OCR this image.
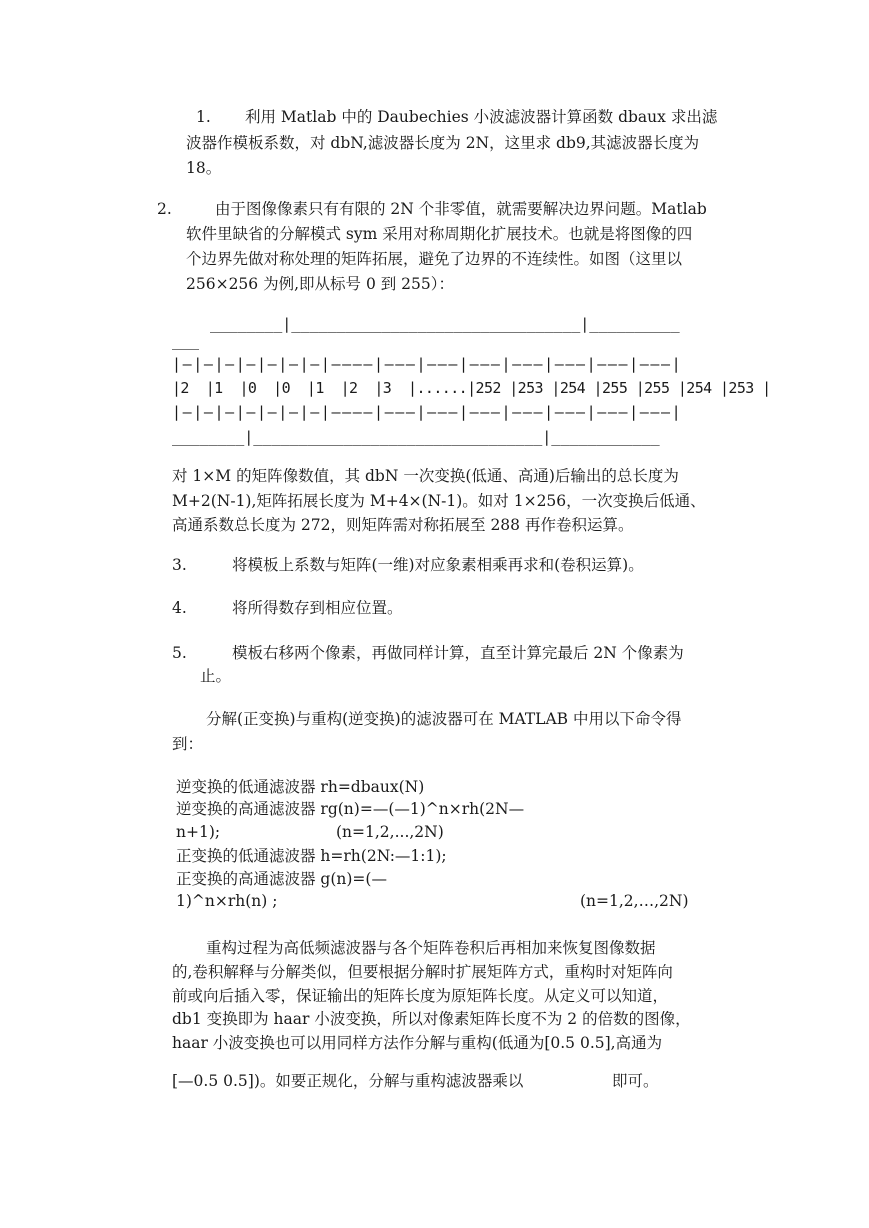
1. 利用 Matlab 中的 Daubechies 小波滤波器计算函数 dbaux 求出滤
波器作模板系数，对 dbN,滤波器长度为 2N，这里求 db9,其滤波器长度为
18。
2.	由于图像像素只有有限的 2N 个非零值，就需要解决边界问题。Matlab
软件里缺省的分解模式 sym 采用对称周期化扩展技术。也就是将图像的四
个边界先做对称处理的矩阵拓展，避免了边界的不连续性。如图（这里以
256×256 为例,即从标号 0 到 255）：
________|________________________________|__________
___
|—|—|—|—|—|—|—|————|———|———|———|———|———|———|———|
|2  |1  |0  |0  |1  |2  |3  |......|252 |253 |254 |255 |255 |254 |253 |
|—|—|—|—|—|—|—|————|———|———|———|———|———|———|———|
________|________________________________|____________
对 1×M 的矩阵像数值，其 dbN 一次变换(低通、高通)后输出的总长度为
M+2(N-1),矩阵拓展长度为 M+4×(N-1)。如对 1×256，一次变换后低通、
高通系数总长度为 272，则矩阵需对称拓展至 288 再作卷积运算。
3.	将模板上系数与矩阵(一维)对应象素相乘再求和(卷积运算)。
4.	将所得数存到相应位置。
5.	模板右移两个像素，再做同样计算，直至计算完最后 2N 个像素为
止。
分解(正变换)与重构(逆变换)的滤波器可在 MATLAB 中用以下命令得
到：
逆变换的低通滤波器 rh=dbaux(N)
逆变换的高通滤波器 rg(n)=—(—1)^n×rh(2N—
n+1);	(n=1,2,...,2N)
正变换的低通滤波器 h=rh(2N:—1:1);
正变换的高通滤波器 g(n)=(—
1)^n×rh(n) ;	(n=1,2,…,2N)
重构过程为高低频滤波器与各个矩阵卷积后再相加来恢复图像数据
的,卷积解释与分解类似，但要根据分解时扩展矩阵方式，重构时对矩阵向
前或向后插入零，保证输出的矩阵长度为原矩阵长度。从定义可以知道，
db1 变换即为 haar 小波变换，所以对像素矩阵长度不为 2 的倍数的图像，
haar 小波变换也可以用同样方法作分解与重构(低通为[0.5 0.5],高通为
[—0.5 0.5])。如要正规化，分解与重构滤波器乘以	即可。
